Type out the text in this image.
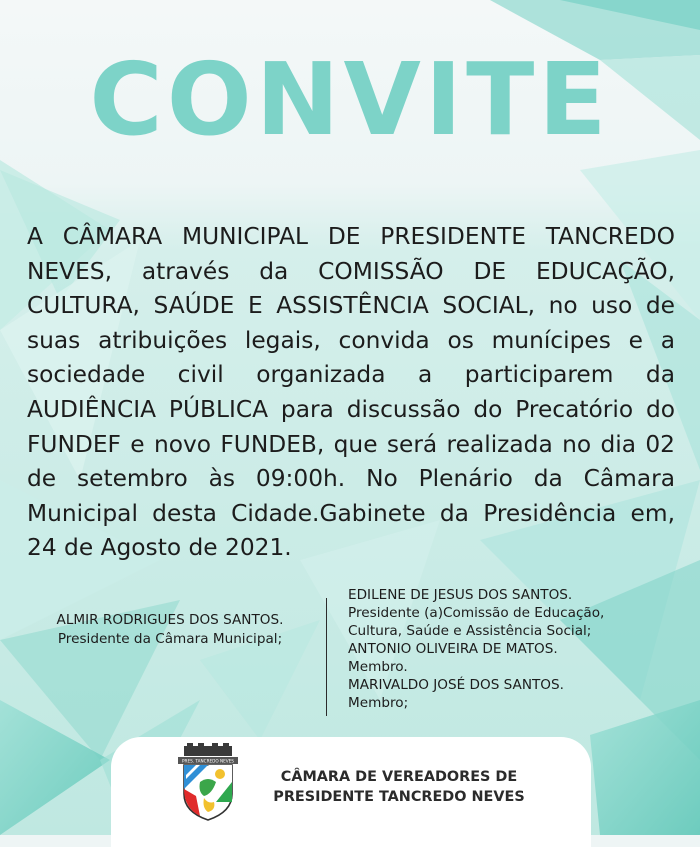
CONVITE
A CÂMARA MUNICIPAL DE PRESIDENTE TANCREDO NEVES, através da COMISSÃO DE EDUCAÇÃO, CULTURA, SAÚDE E ASSISTÊNCIA SOCIAL, no uso de suas atribuições legais, convida os munícipes e a sociedade civil organizada a participarem da AUDIÊNCIA PÚBLICA para discussão do Precatório do FUNDEF e novo FUNDEB, que será realizada no dia 02 de setembro às 09:00h. No Plenário da Câmara Municipal desta Cidade.Gabinete da Presidência em, 24 de Agosto de 2021.
ALMIR RODRIGUES DOS SANTOS.
Presidente da Câmara Municipal;
EDILENE DE JESUS DOS SANTOS.
Presidente (a)Comissão de Educação,
Cultura, Saúde e Assistência Social;
ANTONIO OLIVEIRA DE MATOS.
Membro.
MARIVALDO JOSÉ DOS SANTOS.
Membro;
PRES. TANCREDO NEVES
CÂMARA DE VEREADORES DE
PRESIDENTE TANCREDO NEVES
